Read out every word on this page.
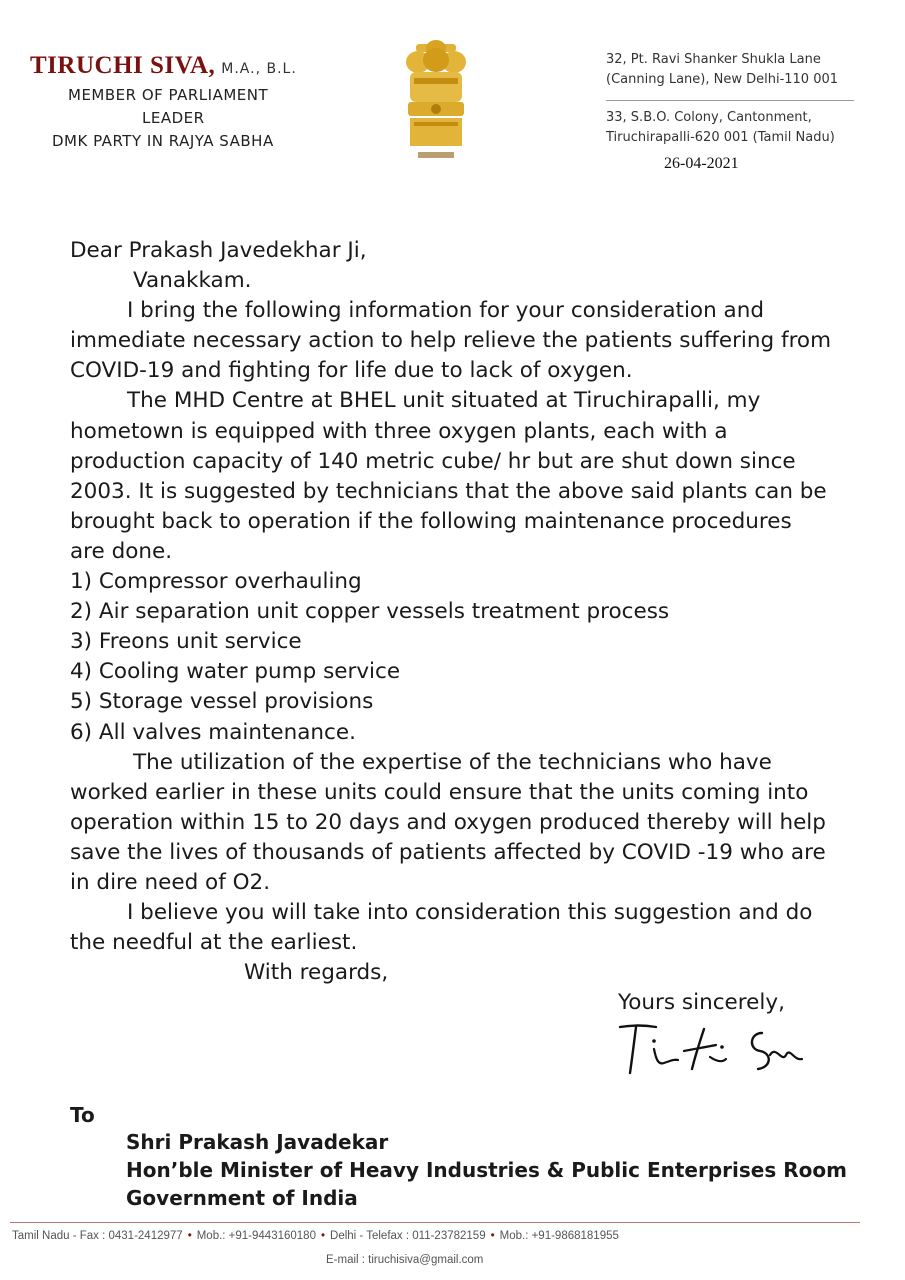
TIRUCHI SIVA, M.A., B.L.
MEMBER OF PARLIAMENT
LEADER
DMK PARTY IN RAJYA SABHA
32, Pt. Ravi Shanker Shukla Lane
(Canning Lane), New Delhi-110 001
33, S.B.O. Colony, Cantonment,
Tiruchirapalli-620 001 (Tamil Nadu)
26-04-2021

Dear Prakash Javedekhar Ji,

Vanakkam.

I bring the following information for your consideration and

immediate necessary action to help relieve the patients suffering from

COVID-19 and fighting for life due to lack of oxygen.

The MHD Centre at BHEL unit situated at Tiruchirapalli, my

hometown is equipped with three oxygen plants, each with a

production capacity of 140 metric cube/ hr but are shut down since

2003. It is suggested by technicians that the above said plants can be

brought back to operation if the following maintenance procedures

are done.

1) Compressor overhauling

2) Air separation unit copper vessels treatment process

3) Freons unit service

4) Cooling water pump service

5) Storage vessel provisions

6) All valves maintenance.

The utilization of the expertise of the technicians who have

worked earlier in these units could ensure that the units coming into

operation within 15 to 20 days and oxygen produced thereby will help

save the lives of thousands of patients affected by COVID -19 who are

in dire need of O2.

I believe you will take into consideration this suggestion and do

the needful at the earliest.

With regards,

Yours sincerely,
To

Shri Prakash Javadekar

Hon’ble Minister of Heavy Industries & Public Enterprises Room

Government of India

Tamil Nadu - Fax : 0431-2412977 • Mob.: +91-9443160180 • Delhi - Telefax : 011-23782159 • Mob.: +91-9868181955
E-mail : tiruchisiva@gmail.com
